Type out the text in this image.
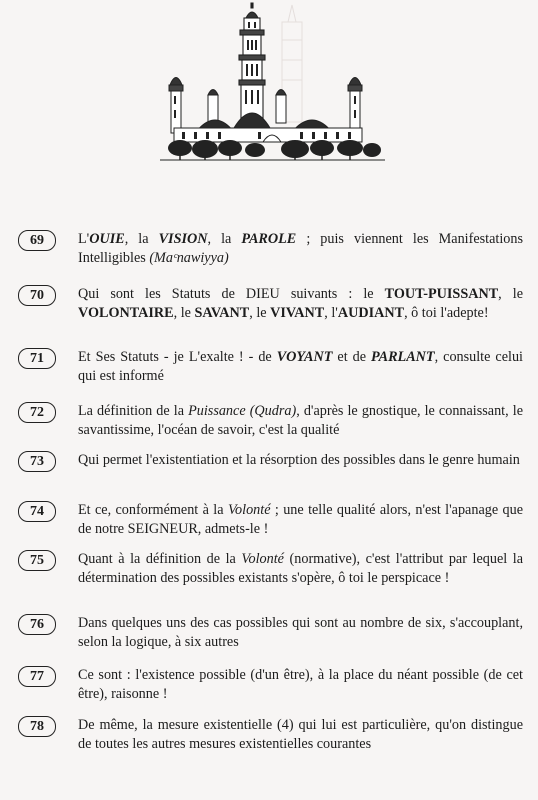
69	L'OUIE, la VISION, la PAROLE ; puis viennent les Manifestations Intelligibles (Maᶜnawiyya)
70	Qui sont les Statuts de DIEU suivants : le TOUT-PUISSANT, le VOLONTAIRE, le SAVANT, le VIVANT, l'AUDIANT, ô toi l'adepte!
71	Et Ses Statuts - je L'exalte ! - de VOYANT et de PARLANT, consulte celui qui est informé
72	La définition de la Puissance (Qudra), d'après le gnostique, le connaissant, le savantissime, l'océan de savoir, c'est la qualité
73	Qui permet l'existentiation et la résorption des possibles dans le genre humain
74	Et ce, conformément à la Volonté ; une telle qualité alors, n'est l'apanage que de notre SEIGNEUR, admets-le !
75	Quant à la définition de la Volonté (normative), c'est l'attribut par lequel la détermination des possibles existants s'opère, ô toi le perspicace !
76	Dans quelques uns des cas possibles qui sont au nombre de six, s'accouplant, selon la logique, à six autres
77	Ce sont : l'existence possible (d'un être), à la place du néant possible (de cet être), raisonne !
78	De même, la mesure existentielle (4) qui lui est particulière, qu'on distingue de toutes les autres mesures existentielles courantes
